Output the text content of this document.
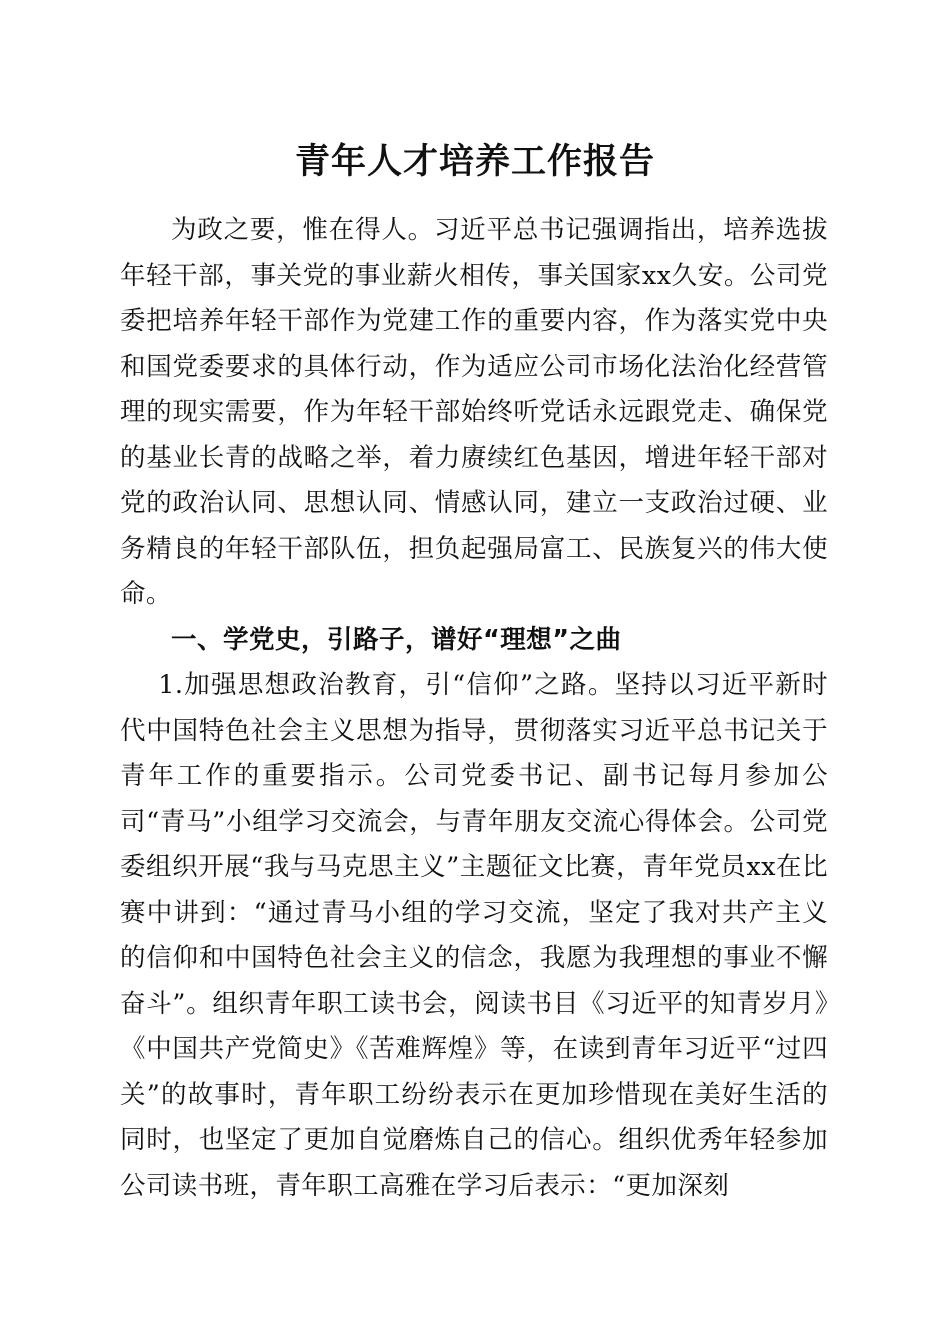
青年人才培养工作报告

为政之要，惟在得人。习近平总书记强调指出，培养选拔年轻干部，事关党的事业薪火相传，事关国家xx久安。公司党委把培养年轻干部作为党建工作的重要内容，作为落实党中央和国党委要求的具体行动，作为适应公司市场化法治化经营管理的现实需要，作为年轻干部始终听党话永远跟党走、确保党的基业长青的战略之举，着力赓续红色基因，增进年轻干部对党的政治认同、思想认同、情感认同，建立一支政治过硬、业务精良的年轻干部队伍，担负起强局富工、民族复兴的伟大使命。

一、学党史，引路子，谱好“理想”之曲

1.加强思想政治教育，引“信仰”之路。坚持以习近平新时代中国特色社会主义思想为指导，贯彻落实习近平总书记关于青年工作的重要指示。公司党委书记、副书记每月参加公司“青马”小组学习交流会，与青年朋友交流心得体会。公司党委组织开展“我与马克思主义”主题征文比赛，青年党员xx在比赛中讲到：“通过青马小组的学习交流，坚定了我对共产主义的信仰和中国特色社会主义的信念，我愿为我理想的事业不懈奋斗”。组织青年职工读书会，阅读书目《习近平的知青岁月》《中国共产党简史》《苦难辉煌》等，在读到青年习近平“过四关”的故事时，青年职工纷纷表示在更加珍惜现在美好生活的同时，也坚定了更加自觉磨炼自己的信心。组织优秀年轻参加公司读书班，青年职工高雅在学习后表示：“更加深刻
